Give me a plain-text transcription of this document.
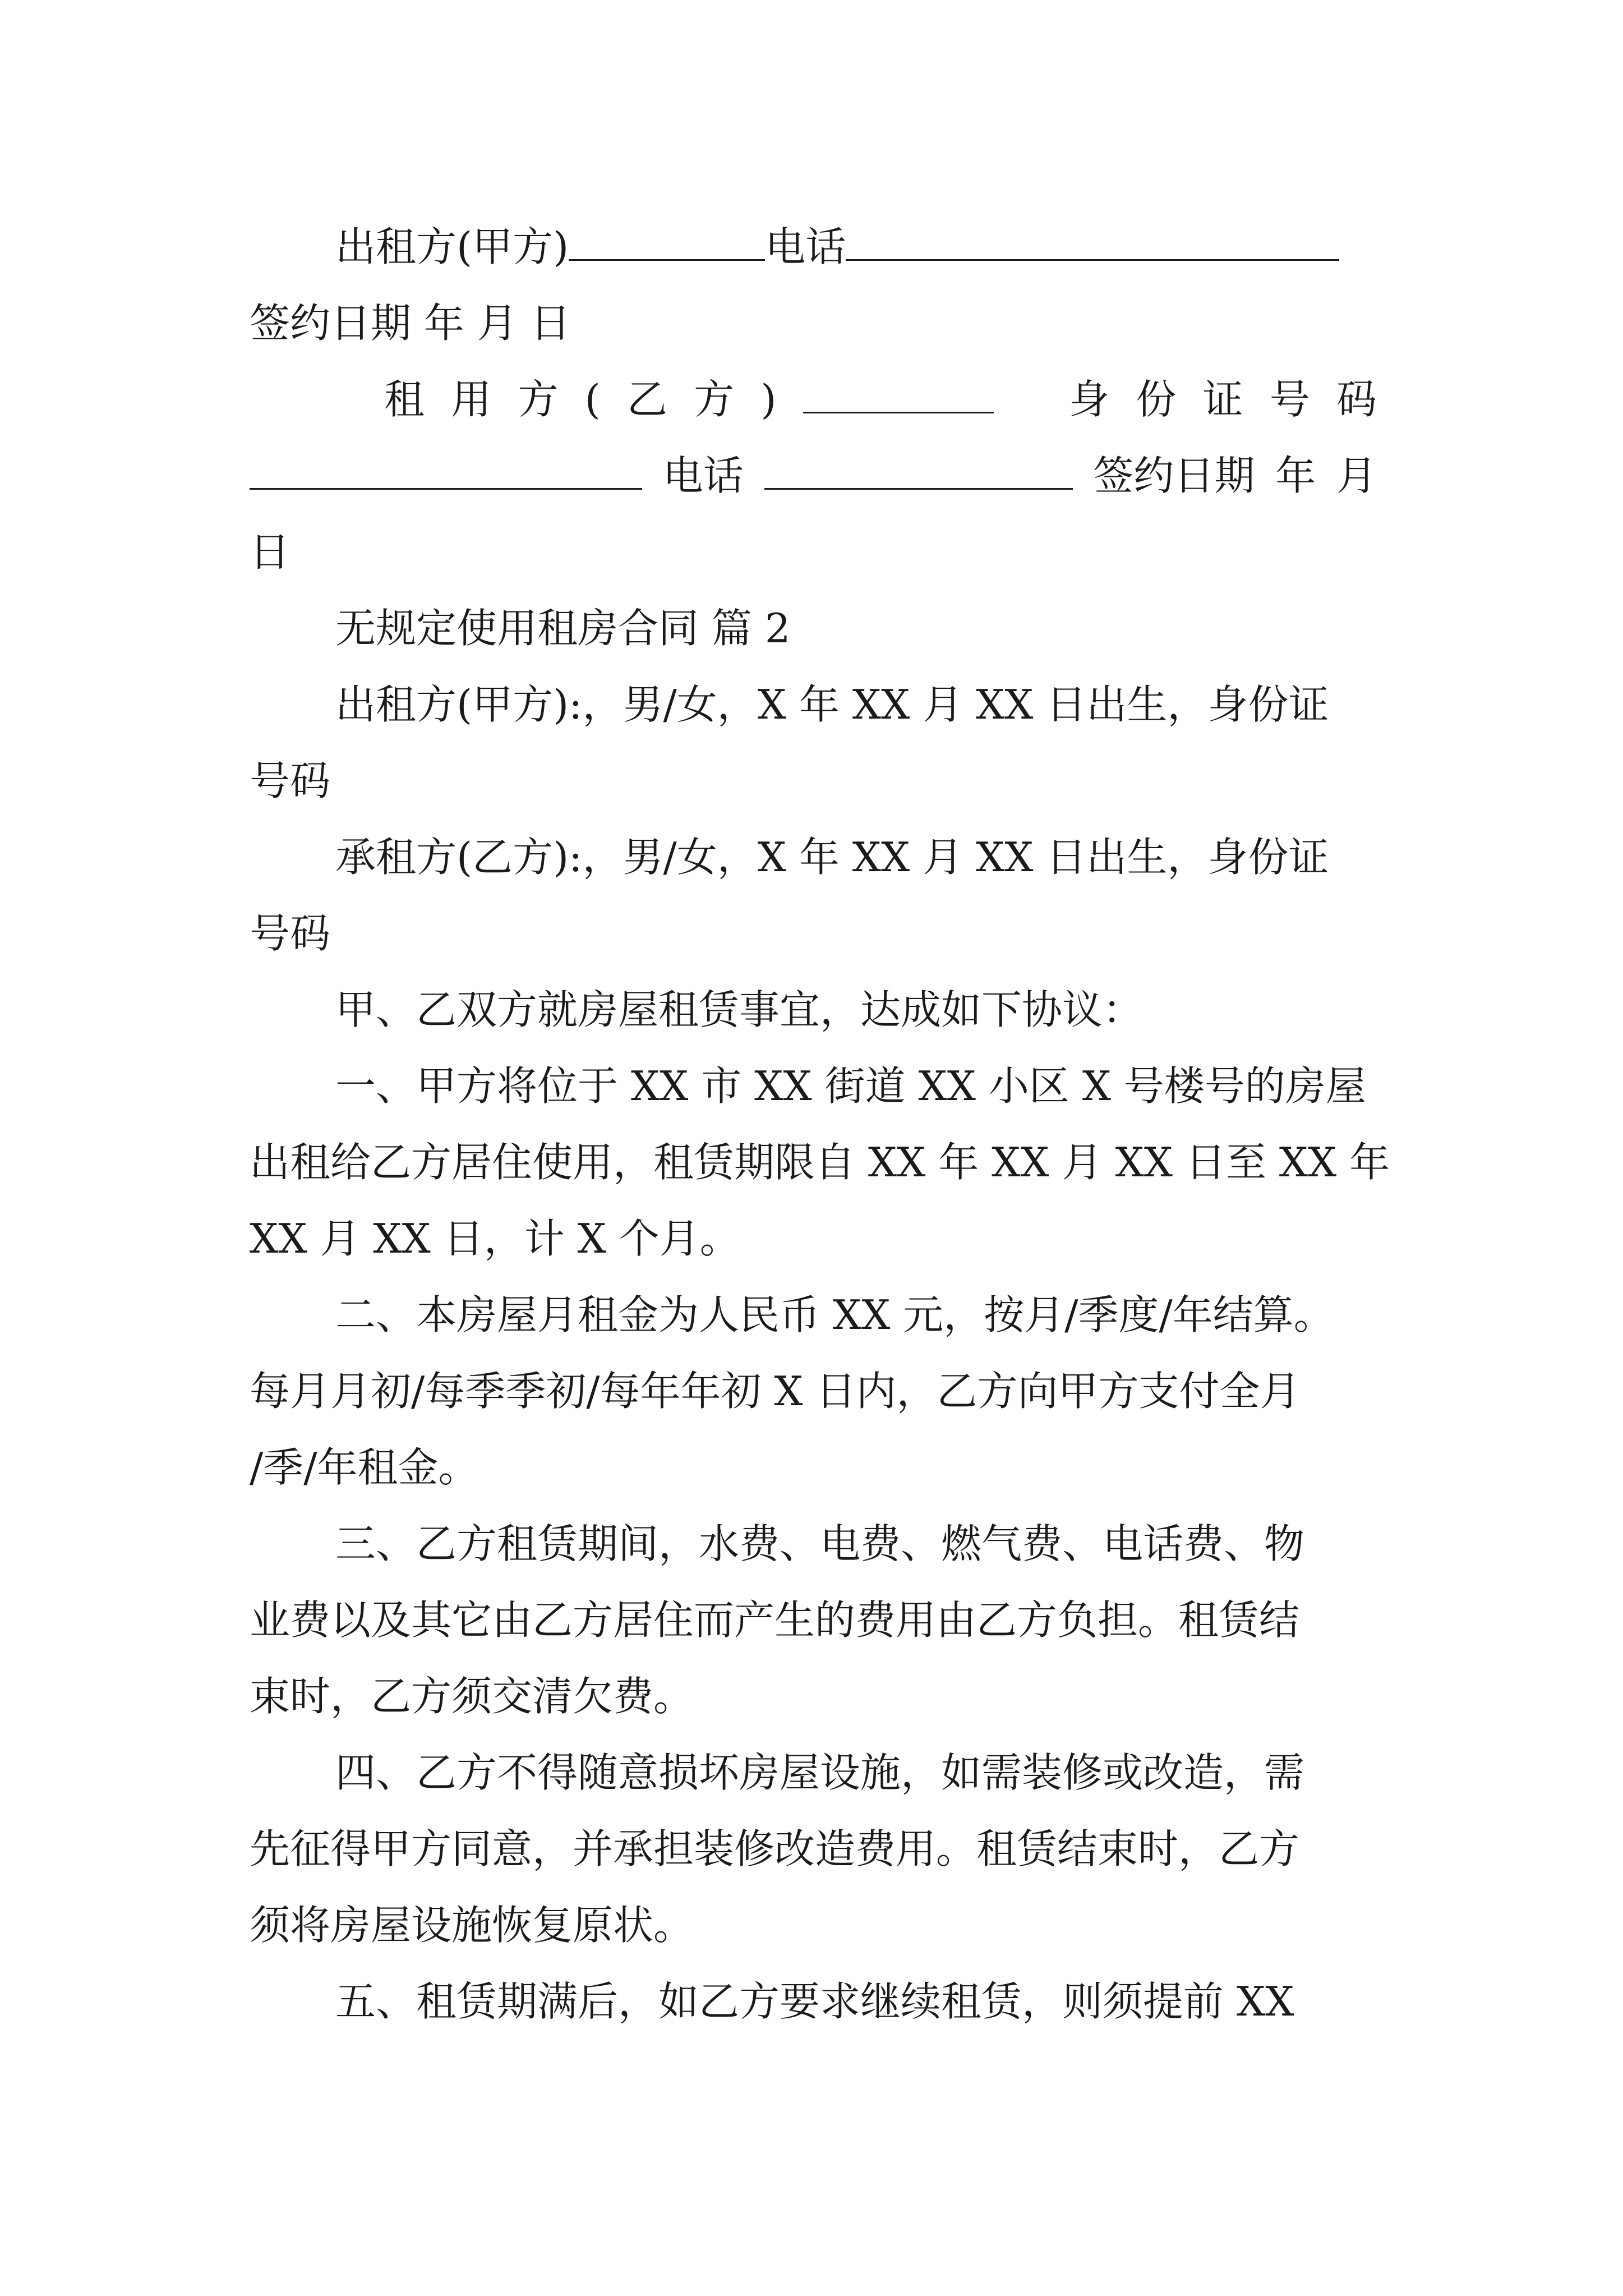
出租方(甲方)	电话
签约日期 年 月 日
租 用 方 ( 乙 方 )	身 份 证 号 码
电话	签约日期 年 月
日
无规定使用租房合同 篇 2
出租方(甲方):，男/女，X 年 XX 月 XX 日出生，身份证
号码
承租方(乙方):，男/女，X 年 XX 月 XX 日出生，身份证
号码
甲、乙双方就房屋租赁事宜，达成如下协议：
一、甲方将位于 XX 市 XX 街道 XX 小区 X 号楼号的房屋
出租给乙方居住使用，租赁期限自 XX 年 XX 月 XX 日至 XX 年
XX 月 XX 日，计 X 个月。
二、本房屋月租金为人民币 XX 元，按月/季度/年结算。
每月月初/每季季初/每年年初 X 日内，乙方向甲方支付全月
/季/年租金。
三、乙方租赁期间，水费、电费、燃气费、电话费、物
业费以及其它由乙方居住而产生的费用由乙方负担。租赁结
束时，乙方须交清欠费。
四、乙方不得随意损坏房屋设施，如需装修或改造，需
先征得甲方同意，并承担装修改造费用。租赁结束时，乙方
须将房屋设施恢复原状。
五、租赁期满后，如乙方要求继续租赁，则须提前 XX
